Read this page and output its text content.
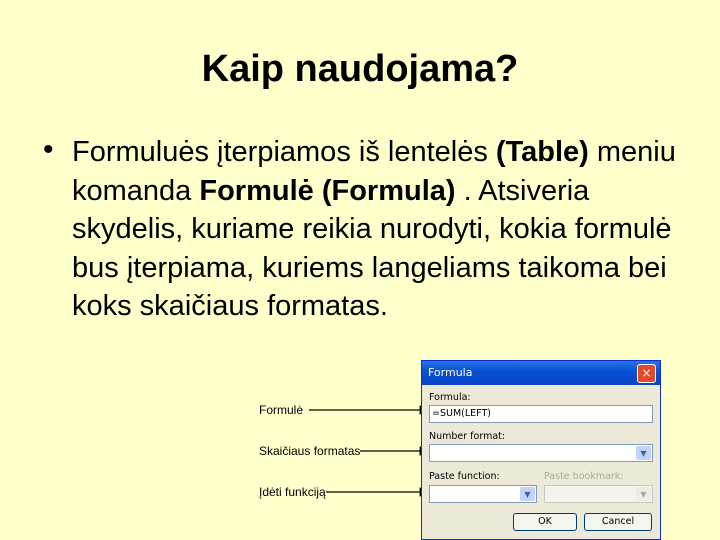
Kaip naudojama?
• Formuluės įterpiamos iš lentelės (Table) meniu komanda Formulė (Formula) . Atsiveria skydelis, kuriame reikia nurodyti, kokia formulė bus įterpiama, kuriems langeliams taikoma bei koks skaičiaus formatas.
Formulė
Skaičiaus formatas
Įdėti funkciją
Formula	×
Formula:
=SUM(LEFT)
Number format:
▼
Paste function:
▼
Paste bookmark:
▼
OK	Cancel
